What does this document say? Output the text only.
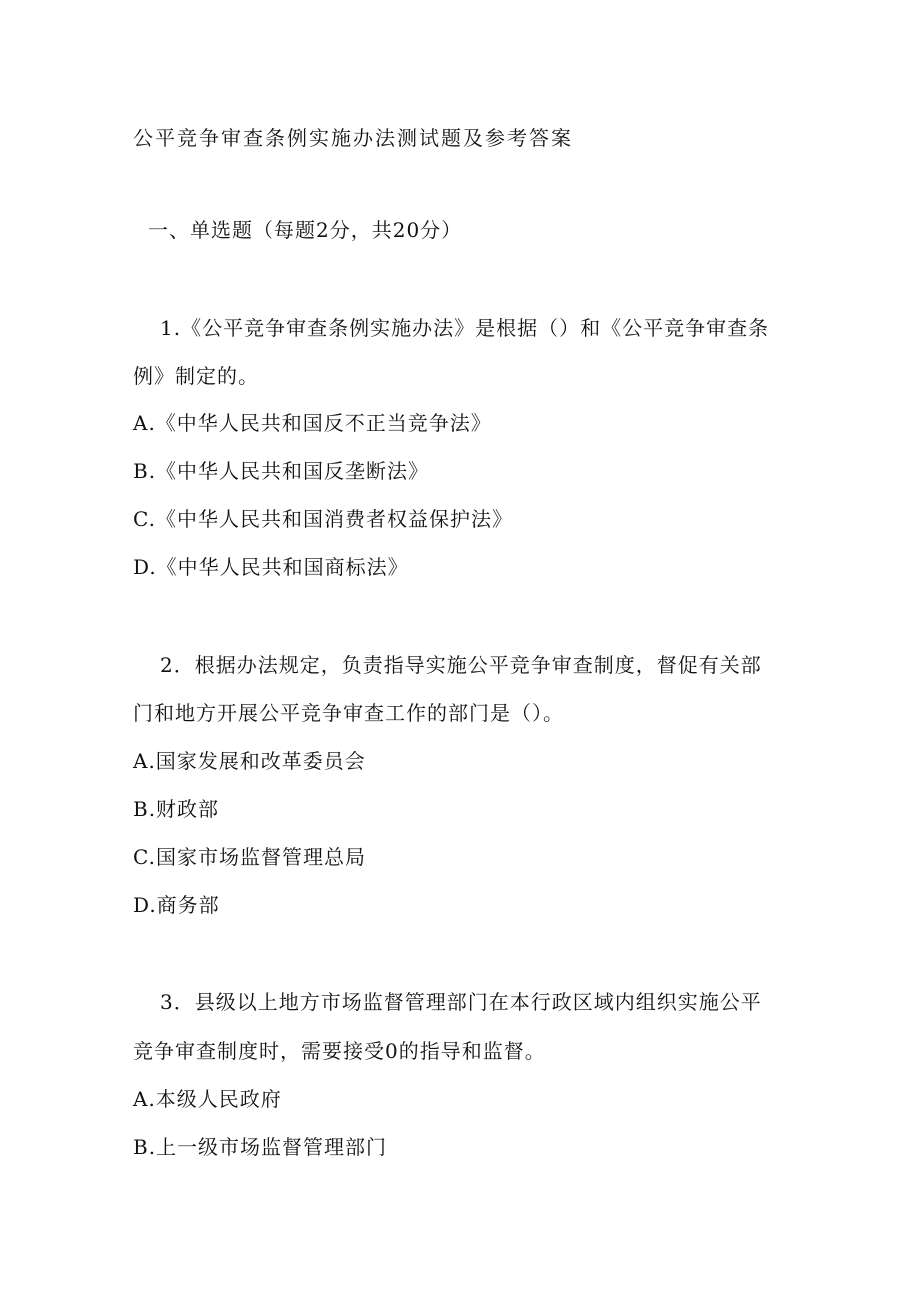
公平竞争审查条例实施办法测试题及参考答案
一、单选题（每题2分，共20分）
1.《公平竞争审查条例实施办法》是根据（）和《公平竞争审查条
例》制定的。
A.《中华人民共和国反不正当竞争法》
B.《中华人民共和国反垄断法》
C.《中华人民共和国消费者权益保护法》
D.《中华人民共和国商标法》
2．根据办法规定，负责指导实施公平竞争审查制度，督促有关部
门和地方开展公平竞争审查工作的部门是（）。
A.国家发展和改革委员会
B.财政部
C.国家市场监督管理总局
D.商务部
3．县级以上地方市场监督管理部门在本行政区域内组织实施公平
竞争审查制度时，需要接受0的指导和监督。
A.本级人民政府
B.上一级市场监督管理部门
